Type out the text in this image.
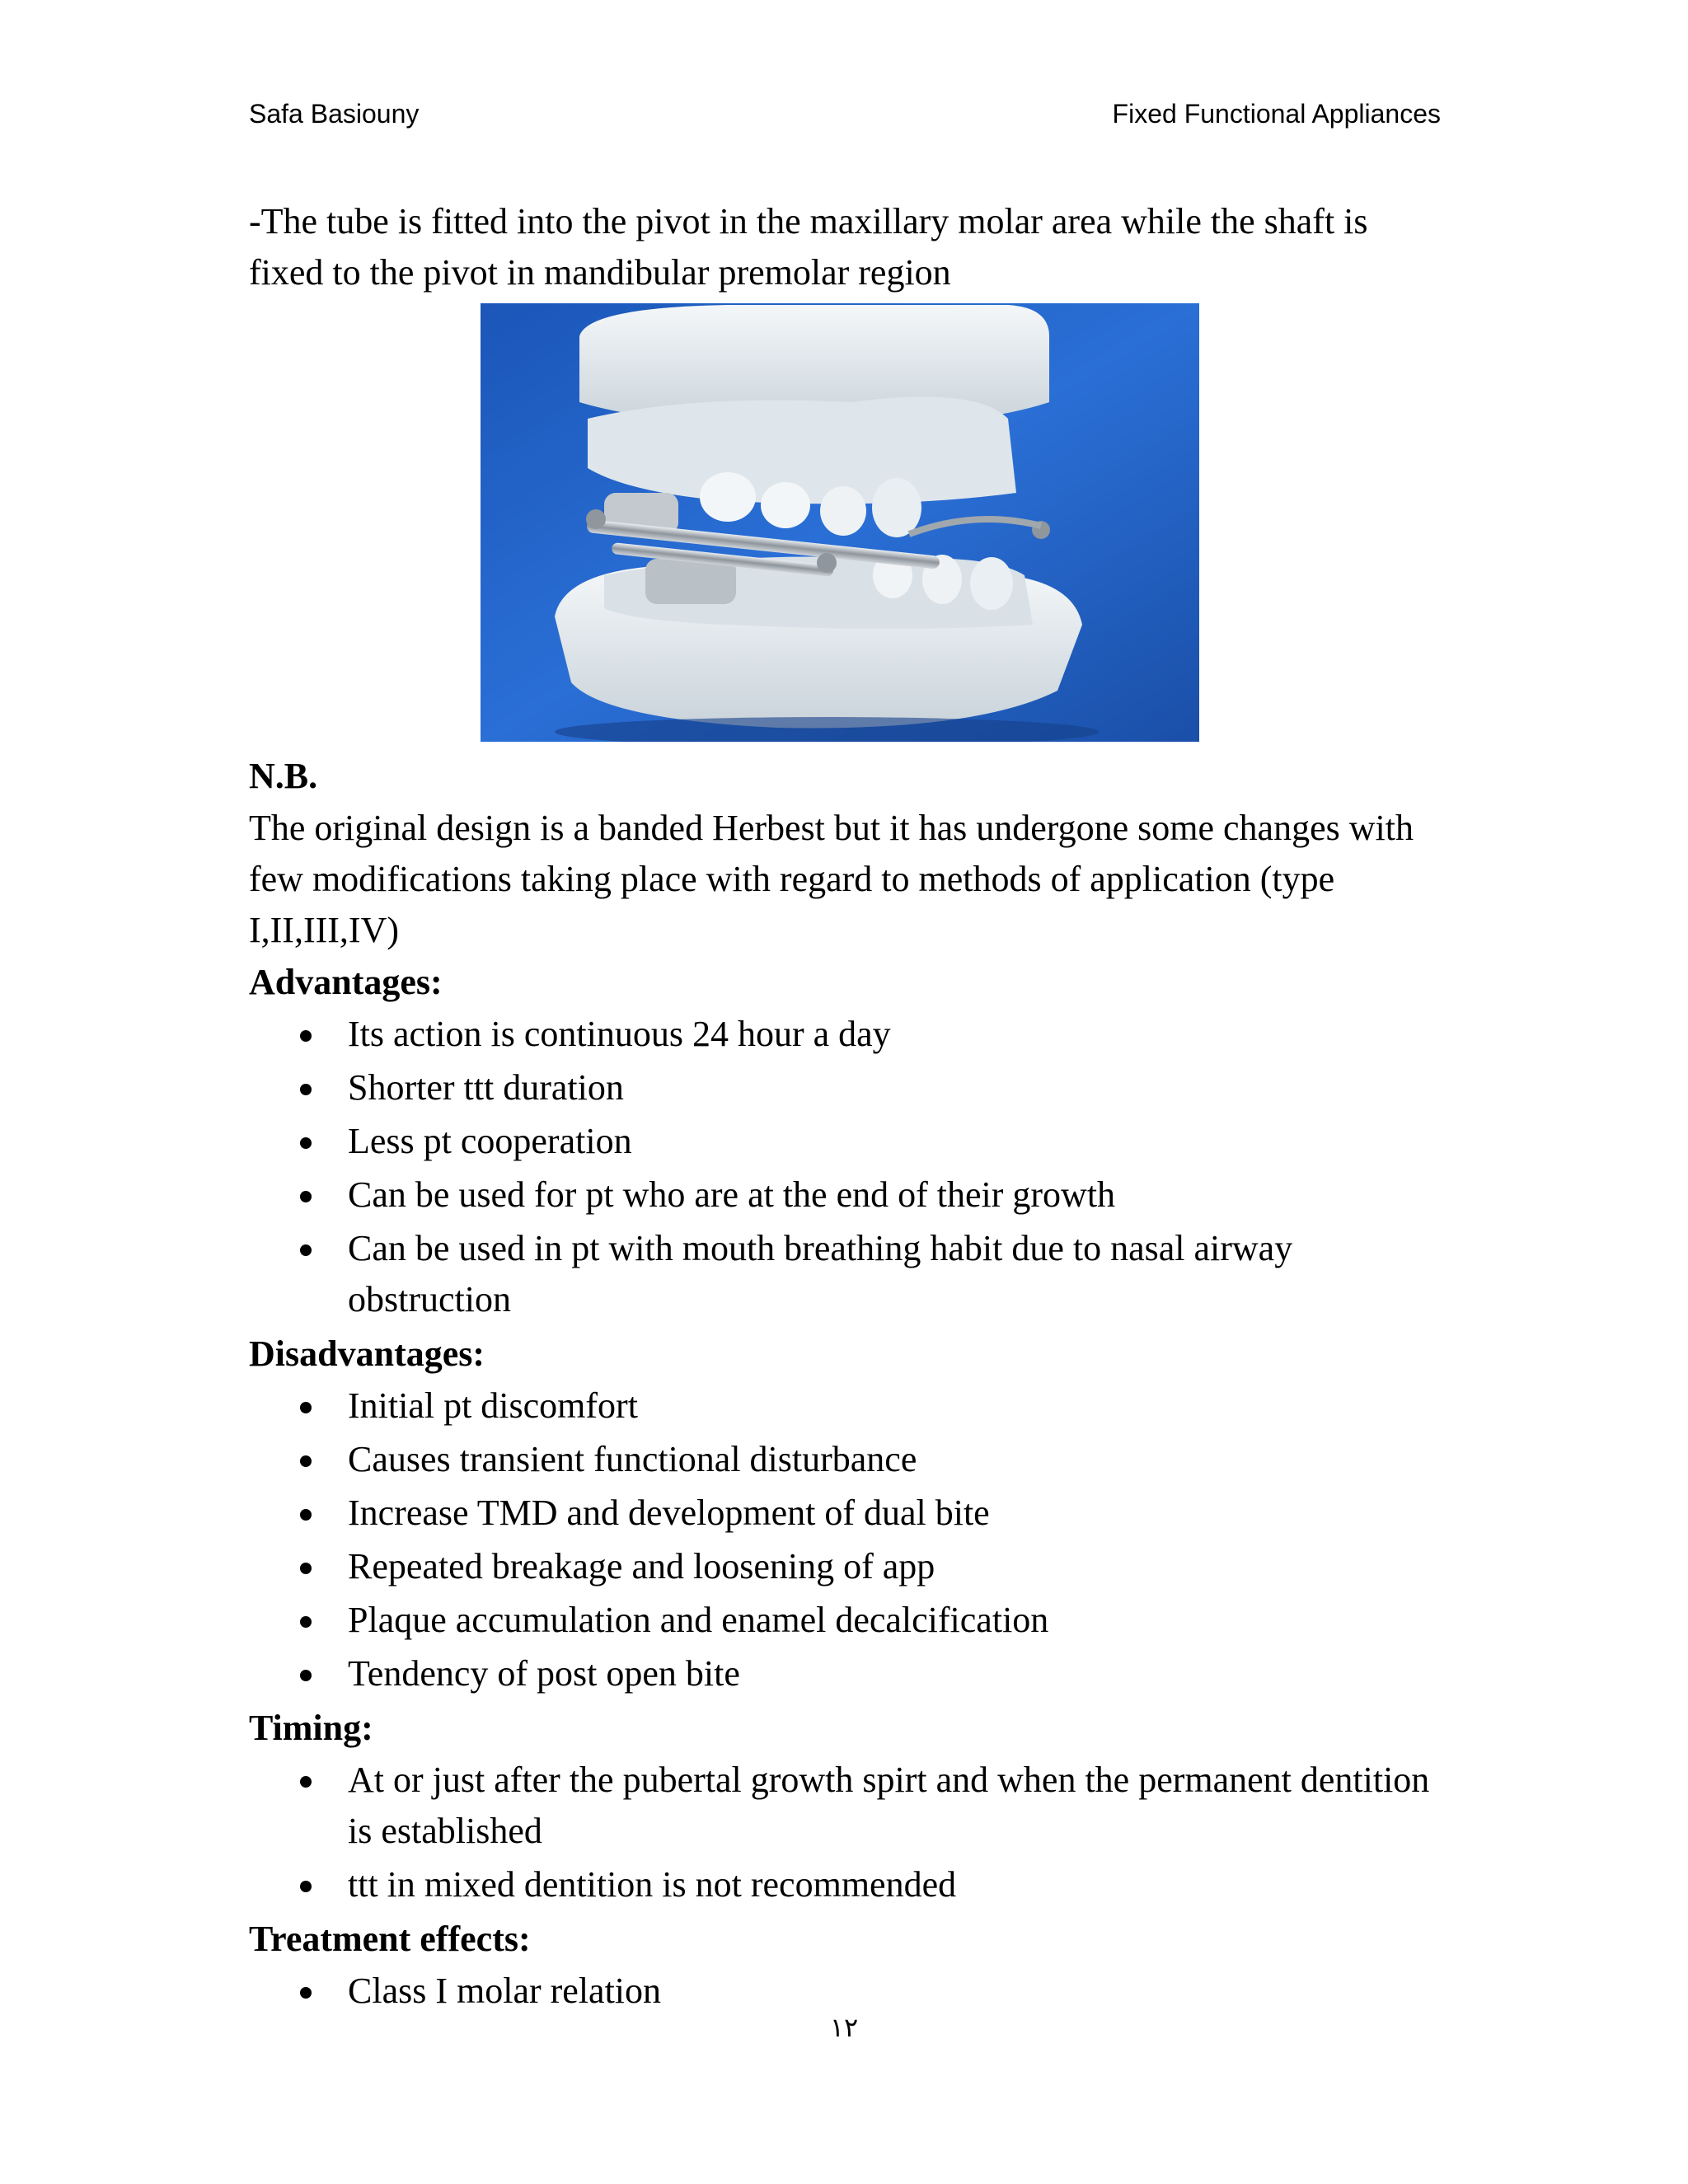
Safa Basiouny	Fixed Functional Appliances

-The tube is fitted into the pivot in the maxillary molar area while the shaft is fixed to the pivot in mandibular premolar region

N.B.

The original design is a banded Herbest but it has undergone some changes with few modifications taking place with regard to methods of application (type I,II,III,IV)

Advantages:

Its action is continuous 24 hour a day
Shorter ttt duration
Less pt cooperation
Can be used for pt who are at the end of their growth
Can be used in pt with mouth breathing habit due to nasal airway obstruction

Disadvantages:

Initial pt discomfort
Causes transient functional disturbance
Increase TMD and development of dual bite
Repeated breakage and loosening of app
Plaque accumulation and enamel decalcification
Tendency of post open bite

Timing:

At or just after the pubertal growth spirt and when the permanent dentition is established
ttt in mixed dentition is not recommended

Treatment effects:

Class I molar relation
١٢
